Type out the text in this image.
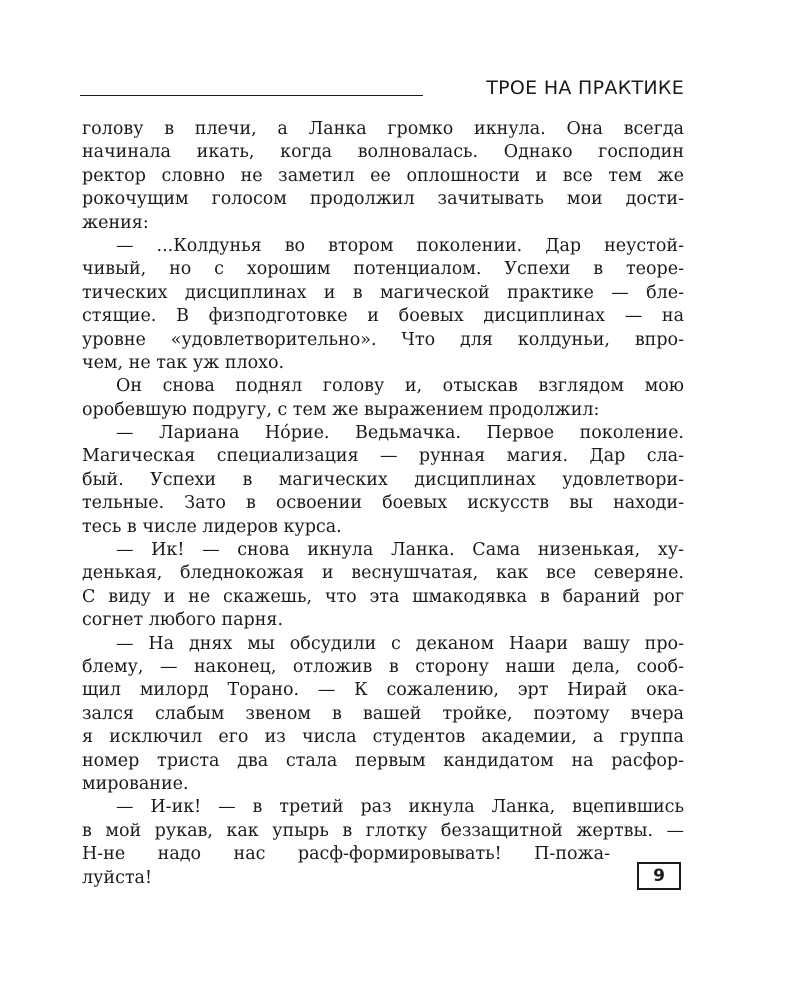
ТРОЕ НА ПРАКТИКЕ
голову в плечи, а Ланка громко икнула. Она всегда
начинала икать, когда волновалась. Однако господин
ректор словно не заметил ее оплошности и все тем же
рокочущим голосом продолжил зачитывать мои дости-
жения:
— ...Колдунья во втором поколении. Дар неустой-
чивый, но с хорошим потенциалом. Успехи в теоре-
тических дисциплинах и в магической практике — бле-
стящие. В физподготовке и боевых дисциплинах — на
уровне «удовлетворительно». Что для колдуньи, впро-
чем, не так уж плохо.
Он снова поднял голову и, отыскав взглядом мою
оробевшую подругу, с тем же выражением продолжил:
— Лариана Но́рие. Ведьмачка. Первое поколение.
Магическая специализация — рунная магия. Дар сла-
бый. Успехи в магических дисциплинах удовлетвори-
тельные. Зато в освоении боевых искусств вы находи-
тесь в числе лидеров курса.
— Ик! — снова икнула Ланка. Сама низенькая, ху-
денькая, бледнокожая и веснушчатая, как все северяне.
С виду и не скажешь, что эта шмакодявка в бараний рог
согнет любого парня.
— На днях мы обсудили с деканом Наари вашу про-
блему, — наконец, отложив в сторону наши дела, сооб-
щил милорд Торано. — К сожалению, эрт Нирай ока-
зался слабым звеном в вашей тройке, поэтому вчера
я исключил его из числа студентов академии, а группа
номер триста два стала первым кандидатом на расфор-
мирование.
— И-ик! — в третий раз икнула Ланка, вцепившись
в мой рукав, как упырь в глотку беззащитной жертвы. —
Н-не надо нас расф-формировывать! П-пожа-
луйста!	9
